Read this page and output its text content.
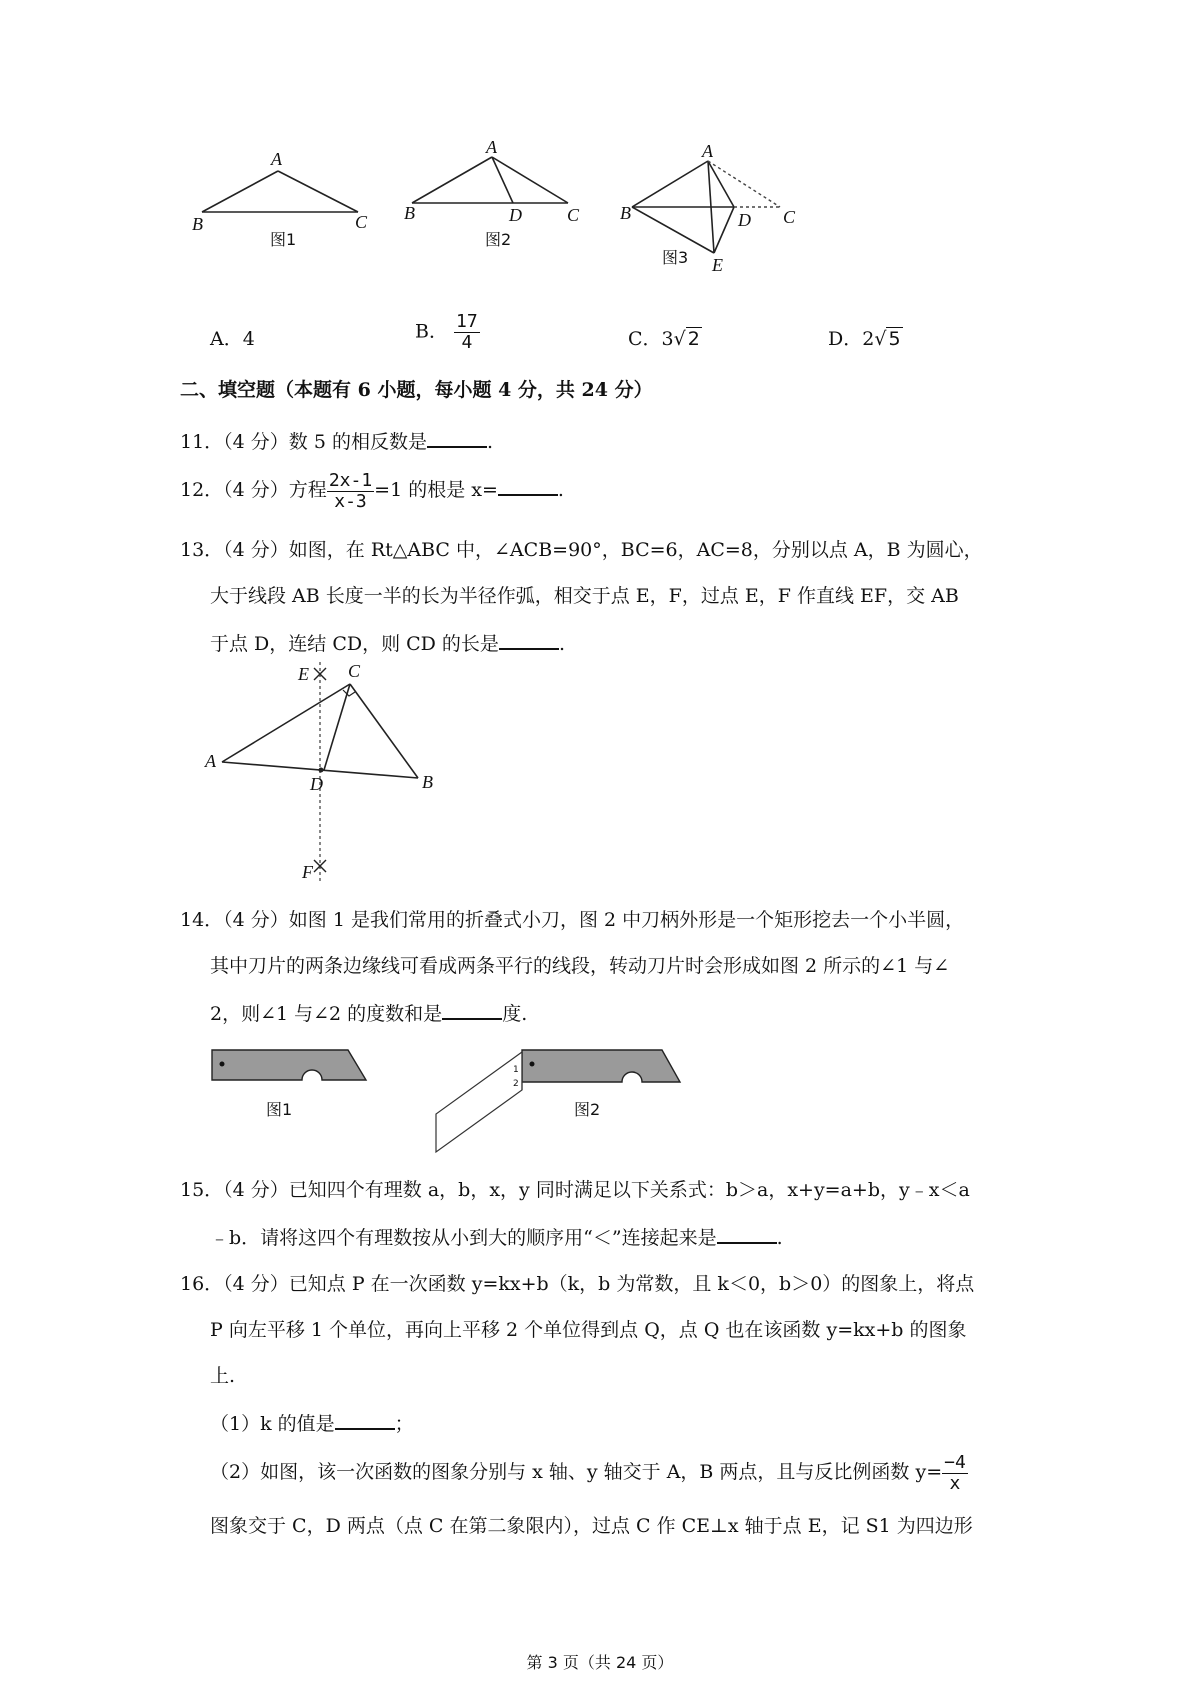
A
B	C
图1
A
B	D	C
图2
A
B	D C
E
图3
A．4	B． $\frac{17}{4}$	C．3√ 2	D．2√ 5
二、填空题（本题有 6 小题，每小题 4 分，共 24 分）
11．（4 分）数 5 的相反数是	.
12．（4 分）方程 $\frac{2x-1}{x-3} =1$ 的根是 x=	.
13．（4 分）如图，在 Rt△ABC 中，∠ACB=90°，BC=6，AC=8，分别以点 A，B 为圆心，
大于线段 AB 长度一半的长为半径作弧，相交于点 E，F，过点 E，F 作直线 EF，交 AB
于点 D，连结 CD，则 CD 的长是	.
E C
A
D	B
F
14．（4 分）如图 1 是我们常用的折叠式小刀，图 2 中刀柄外形是一个矩形挖去一个小半圆，
其中刀片的两条边缘线可看成两条平行的线段，转动刀片时会形成如图 2 所示的∠1 与∠
2，则∠1 与∠2 的度数和是	度.
图1
1
2
图2
15．（4 分）已知四个有理数 a，b，x，y 同时满足以下关系式：b＞a，x+y=a+b，y﹣x＜a
﹣b．请将这四个有理数按从小到大的顺序用“＜”连接起来是	.
16．（4 分）已知点 P 在一次函数 y=kx+b（k，b 为常数，且 k＜0，b＞0）的图象上，将点
P 向左平移 1 个单位，再向上平移 2 个单位得到点 Q，点 Q 也在该函数 y=kx+b 的图象
上.
（1）k 的值是	；
（2）如图，该一次函数的图象分别与 x 轴、y 轴交于 A，B 两点，且与反比例函数 $y= \frac{-4}{x}$
图象交于 C，D 两点（点 C 在第二象限内），过点 C 作 CE⊥x 轴于点 E，记 S1 为四边形
第 3 页（共 24 页）
